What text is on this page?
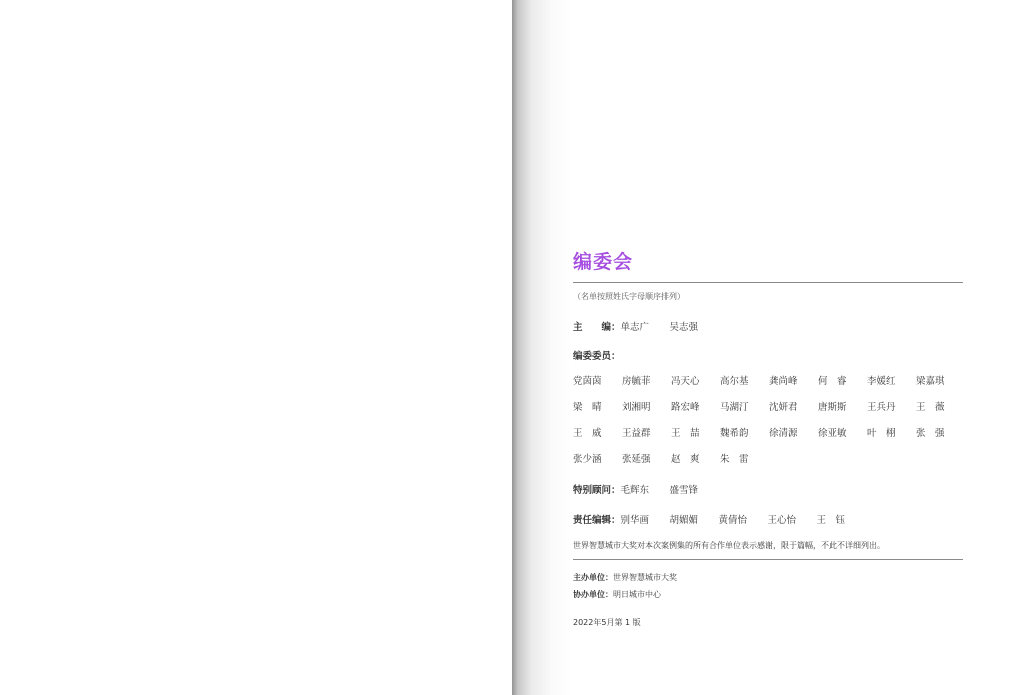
编委会
（名单按照姓氏字母顺序排列）
主　　编： 单志广	吴志强
编委委员：
党茵茵	房毓菲	冯天心	高尔基	龚尚峰	何　睿	李媛红	梁嘉琪
梁　晴	刘湘明	路宏峰	马湖汀	沈妍君	唐斯斯	王兵丹	王　薇
王　威	王益群	王　喆	魏希韵	徐清源	徐亚敏	叶　栩	张　强
张少涵	张延强	赵　爽	朱　雷
特别顾问： 毛辉东	盛雪锋
责任编辑： 别华画	胡媚媚	黄倩怡	王心怡	王　钰
世界智慧城市大奖对本次案例集的所有合作单位表示感谢，限于篇幅，不此不详细列出。
主办单位：世界智慧城市大奖
协办单位：明日城市中心
2022年5月第 1 版
